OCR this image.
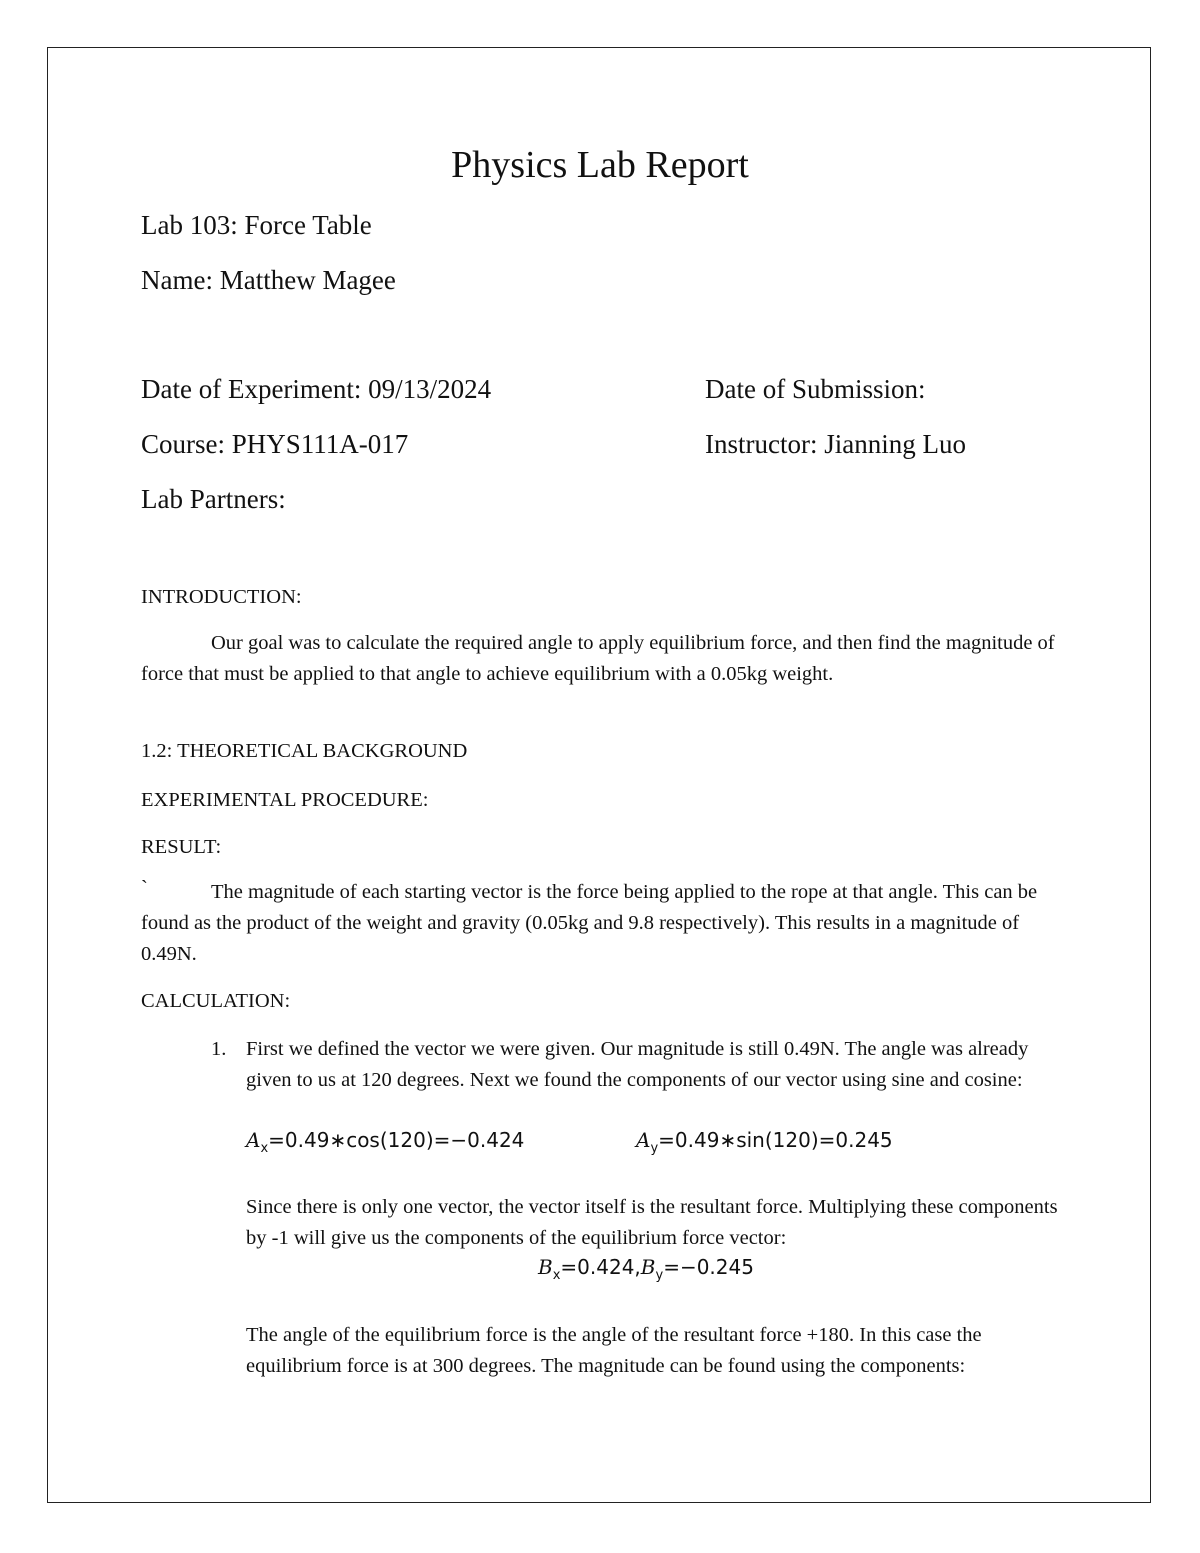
Physics Lab Report
Lab 103: Force Table
Name: Matthew Magee
Date of Experiment: 09/13/2024	Date of Submission:
Course: PHYS111A-017	Instructor: Jianning Luo
Lab Partners:
INTRODUCTION:
Our goal was to calculate the required angle to apply equilibrium force, and then find the magnitude of force that must be applied to that angle to achieve equilibrium with a 0.05kg weight.
1.2: THEORETICAL BACKGROUND
EXPERIMENTAL PROCEDURE:
RESULT:
`	The magnitude of each starting vector is the force being applied to the rope at that angle. This can be found as the product of the weight and gravity (0.05kg and 9.8 respectively). This results in a magnitude of 0.49N.
CALCULATION:
1. First we defined the vector we were given. Our magnitude is still 0.49N. The angle was already given to us at 120 degrees. Next we found the components of our vector using sine and cosine:
$A_x=0.49∗\cos(120)=-0.424$	$A_y=0.49∗\sin(120)=0.245$
Since there is only one vector, the vector itself is the resultant force. Multiplying these components by -1 will give us the components of the equilibrium force vector:
$B_x=0.424,B_y=-0.245$
The angle of the equilibrium force is the angle of the resultant force +180. In this case the equilibrium force is at 300 degrees. The magnitude can be found using the components:
